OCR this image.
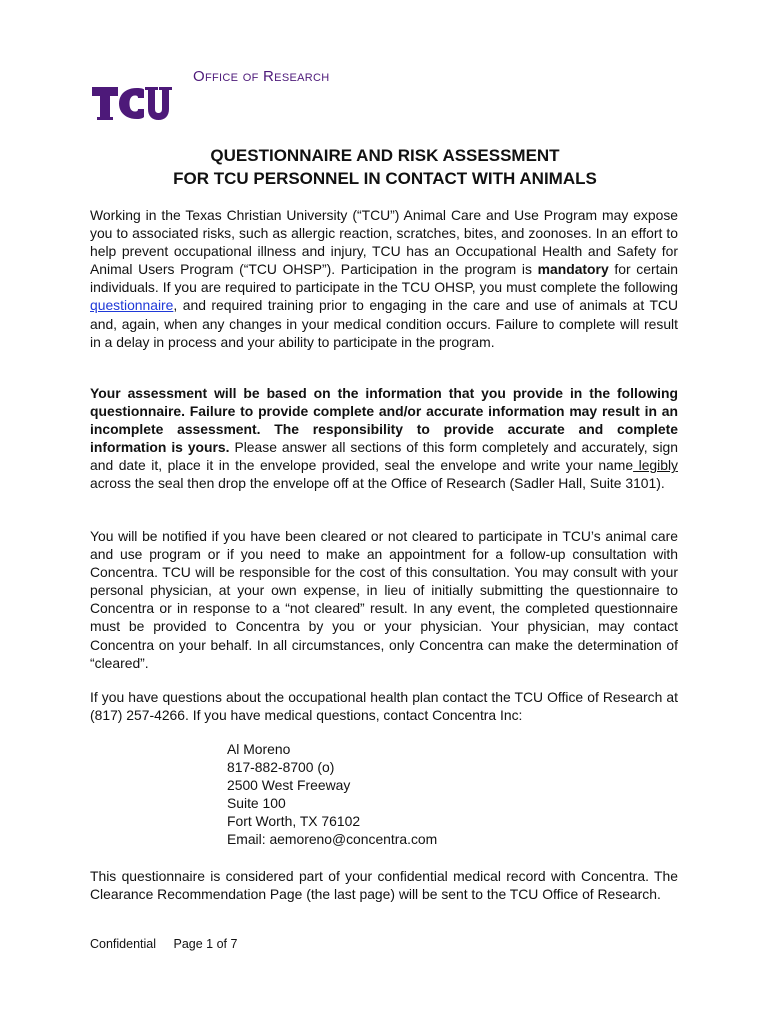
Office of Research
QUESTIONNAIRE AND RISK ASSESSMENT
FOR TCU PERSONNEL IN CONTACT WITH ANIMALS

Working in the Texas Christian University (“TCU”) Animal Care and Use Program may expose you to associated risks, such as allergic reaction, scratches, bites, and zoonoses. In an effort to help prevent occupational illness and injury, TCU has an Occupational Health and Safety for Animal Users Program (“TCU OHSP”). Participation in the program is mandatory for certain individuals. If you are required to participate in the TCU OHSP, you must complete the following questionnaire, and required training prior to engaging in the care and use of animals at TCU and, again, when any changes in your medical condition occurs. Failure to complete will result in a delay in process and your ability to participate in the program.

Your assessment will be based on the information that you provide in the following questionnaire. Failure to provide complete and/or accurate information may result in an incomplete assessment. The responsibility to provide accurate and complete information is yours. Please answer all sections of this form completely and accurately, sign and date it, place it in the envelope provided, seal the envelope and write your name legibly across the seal then drop the envelope off at the Office of Research (Sadler Hall, Suite 3101).

You will be notified if you have been cleared or not cleared to participate in TCU’s animal care and use program or if you need to make an appointment for a follow-up consultation with Concentra. TCU will be responsible for the cost of this consultation. You may consult with your personal physician, at your own expense, in lieu of initially submitting the questionnaire to Concentra or in response to a “not cleared” result. In any event, the completed questionnaire must be provided to Concentra by you or your physician. Your physician, may contact Concentra on your behalf. In all circumstances, only Concentra can make the determination of “cleared”.

If you have questions about the occupational health plan contact the TCU Office of Research at (817) 257-4266. If you have medical questions, contact Concentra Inc:

Al Moreno
817-882-8700 (o)
2500 West Freeway
Suite 100
Fort Worth, TX 76102
Email: aemoreno@concentra.com

This questionnaire is considered part of your confidential medical record with Concentra. The Clearance Recommendation Page (the last page) will be sent to the TCU Office of Research.

Confidential Page 1 of 7
